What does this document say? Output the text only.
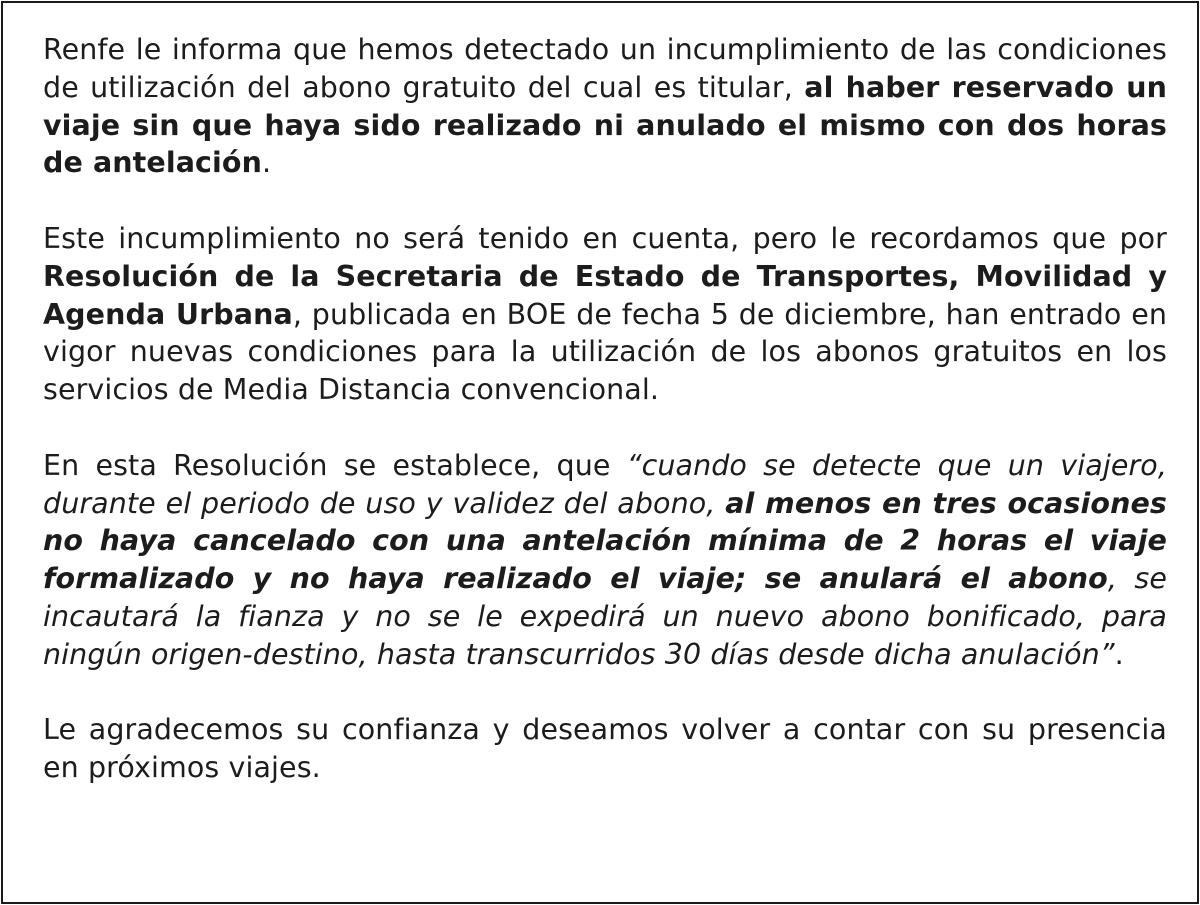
Renfe le informa que hemos detectado un incumplimiento de las condiciones de utilización del abono gratuito del cual es titular, al haber reservado un viaje sin que haya sido realizado ni anulado el mismo con dos horas de antelación.

Este incumplimiento no será tenido en cuenta, pero le recordamos que por Resolución de la Secretaria de Estado de Transportes, Movilidad y Agenda Urbana, publicada en BOE de fecha 5 de diciembre, han entrado en vigor nuevas condiciones para la utilización de los abonos gratuitos en los servicios de Media Distancia convencional.

En esta Resolución se establece, que “cuando se detecte que un viajero, durante el periodo de uso y validez del abono, al menos en tres ocasiones no haya cancelado con una antelación mínima de 2 horas el viaje formalizado y no haya realizado el viaje; se anulará el abono, se incautará la fianza y no se le expedirá un nuevo abono bonificado, para ningún origen-destino, hasta transcurridos 30 días desde dicha anulación”.

Le agradecemos su confianza y deseamos volver a contar con su presencia en próximos viajes.
